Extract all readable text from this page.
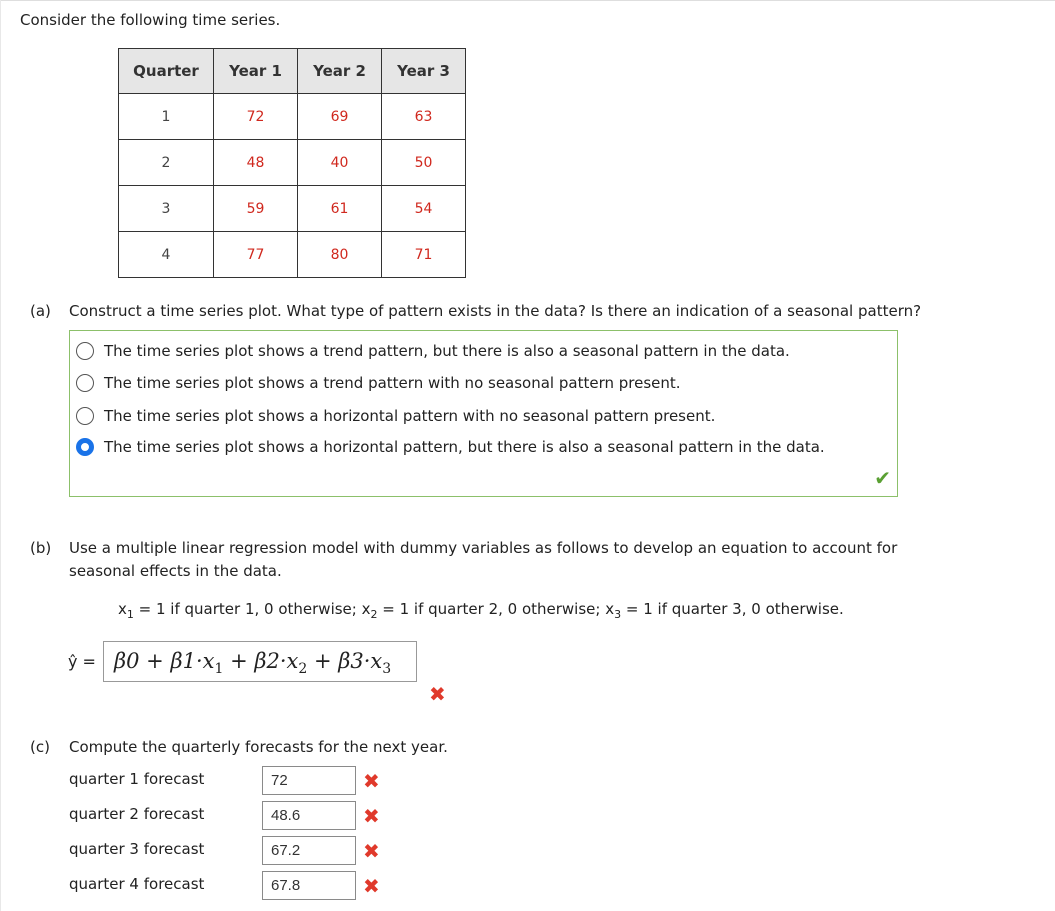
Consider the following time series.
Quarter	Year 1	Year 2	Year 3
1	72	69	63
2	48	40	50
3	59	61	54
4	77	80	71
(a) Construct a time series plot. What type of pattern exists in the data? Is there an indication of a seasonal pattern?
The time series plot shows a trend pattern, but there is also a seasonal pattern in the data.
The time series plot shows a trend pattern with no seasonal pattern present.
The time series plot shows a horizontal pattern with no seasonal pattern present.
The time series plot shows a horizontal pattern, but there is also a seasonal pattern in the data.
✔
(b) Use a multiple linear regression model with dummy variables as follows to develop an equation to account for
seasonal effects in the data.
$x_1 = 1$ if quarter 1, 0 otherwise; $x_2 = 1$ if quarter 2, 0 otherwise; $x_3 = 1$ if quarter 3, 0 otherwise.
ŷ = $\beta 0 + \beta 1\cdot x_1 + \beta 2\cdot x_2 + \beta 3\cdot x_3$
✖
(c) Compute the quarterly forecasts for the next year.
quarter 1 forecast
72	✖
quarter 2 forecast
48.6	✖
quarter 3 forecast
67.2	✖
quarter 4 forecast
67.8	✖
